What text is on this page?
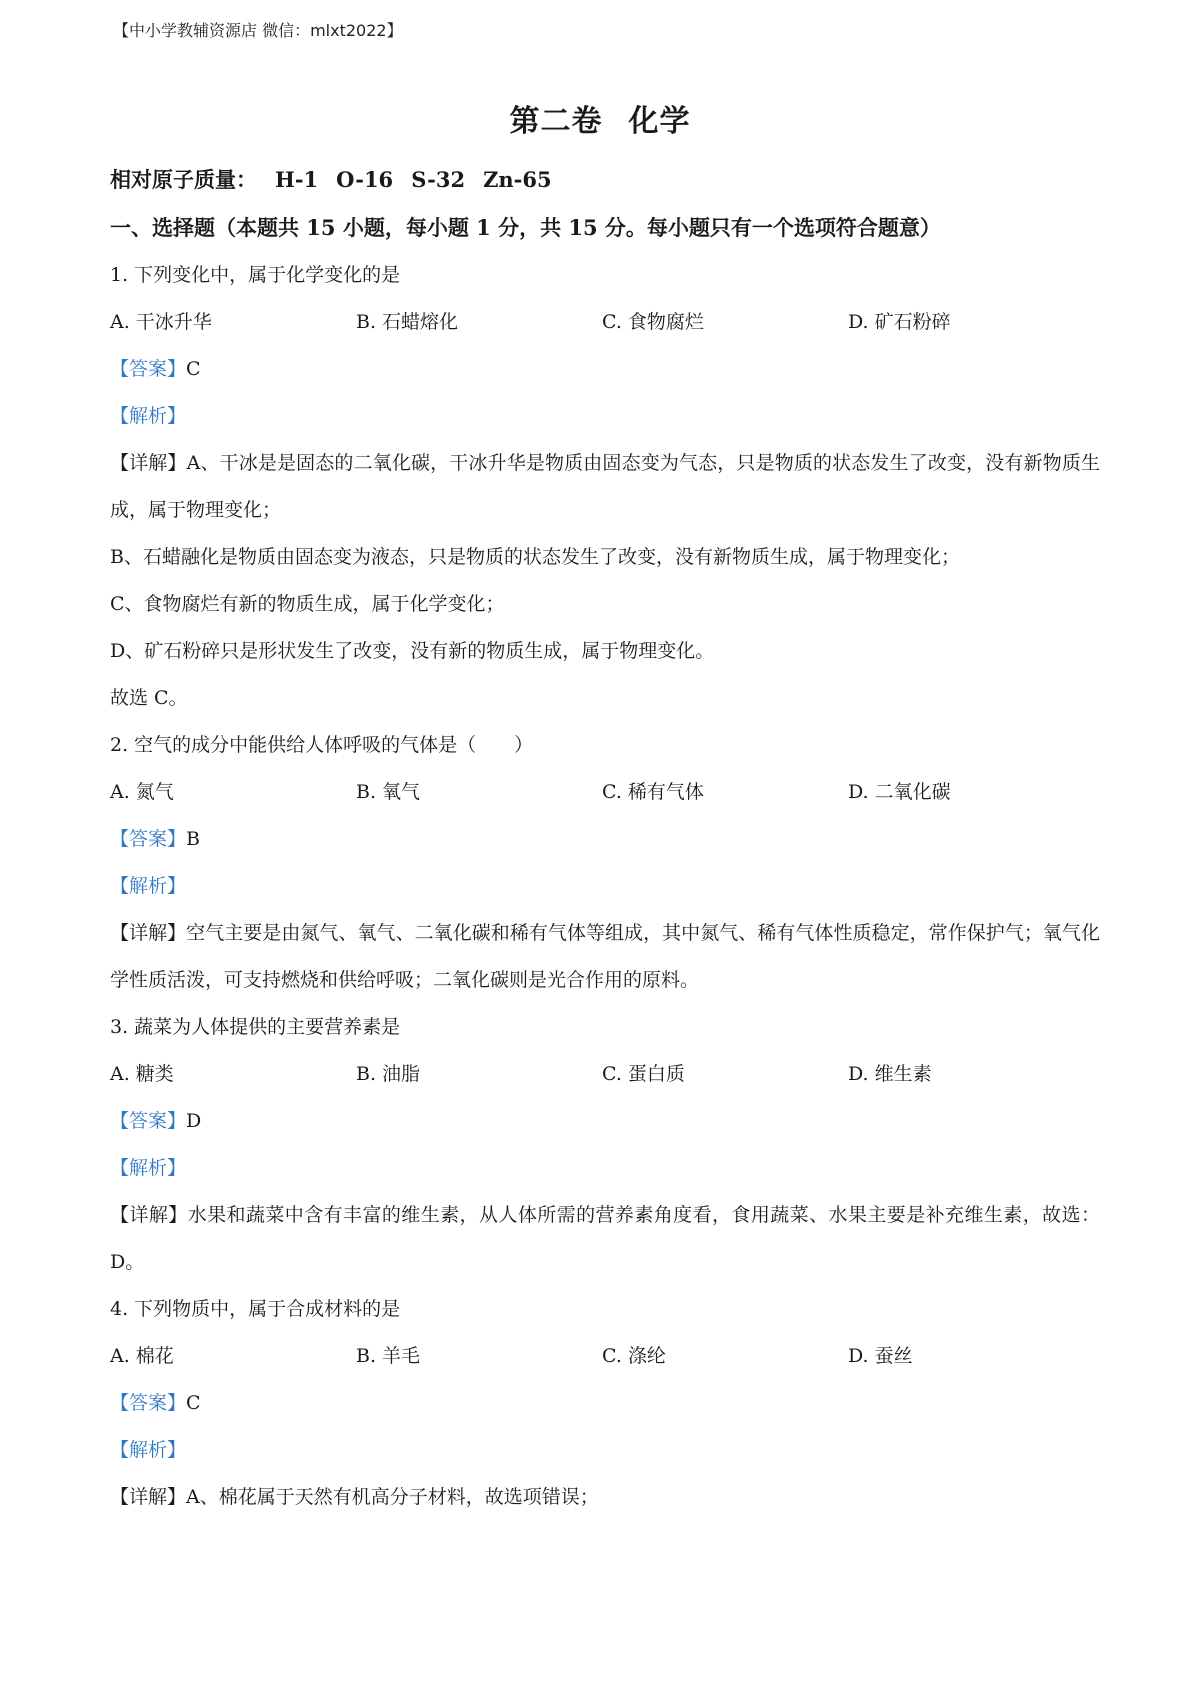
【中小学教辅资源店 微信：mlxt2022】
第二卷 化学
相对原子质量： H-1 O-16 S-32 Zn-65
一、选择题（本题共 15 小题，每小题 1 分，共 15 分。每小题只有一个选项符合题意）
1. 下列变化中，属于化学变化的是
A. 干冰升华	B. 石蜡熔化	C. 食物腐烂	D. 矿石粉碎
【答案】C
【解析】
【详解】A、干冰是是固态的二氧化碳，干冰升华是物质由固态变为气态，只是物质的状态发生了改变，没有新物质生成，属于物理变化；
B、石蜡融化是物质由固态变为液态，只是物质的状态发生了改变，没有新物质生成，属于物理变化；
C、食物腐烂有新的物质生成，属于化学变化；
D、矿石粉碎只是形状发生了改变，没有新的物质生成，属于物理变化。
故选 C。
2. 空气的成分中能供给人体呼吸的气体是（　　）
A. 氮气	B. 氧气	C. 稀有气体	D. 二氧化碳
【答案】B
【解析】
【详解】空气主要是由氮气、氧气、二氧化碳和稀有气体等组成，其中氮气、稀有气体性质稳定，常作保护气；氧气化学性质活泼，可支持燃烧和供给呼吸；二氧化碳则是光合作用的原料。
3. 蔬菜为人体提供的主要营养素是
A. 糖类	B. 油脂	C. 蛋白质	D. 维生素
【答案】D
【解析】
【详解】水果和蔬菜中含有丰富的维生素，从人体所需的营养素角度看，食用蔬菜、水果主要是补充维生素，故选：D。
4. 下列物质中，属于合成材料的是
A. 棉花	B. 羊毛	C. 涤纶	D. 蚕丝
【答案】C
【解析】
【详解】A、棉花属于天然有机高分子材料，故选项错误；
